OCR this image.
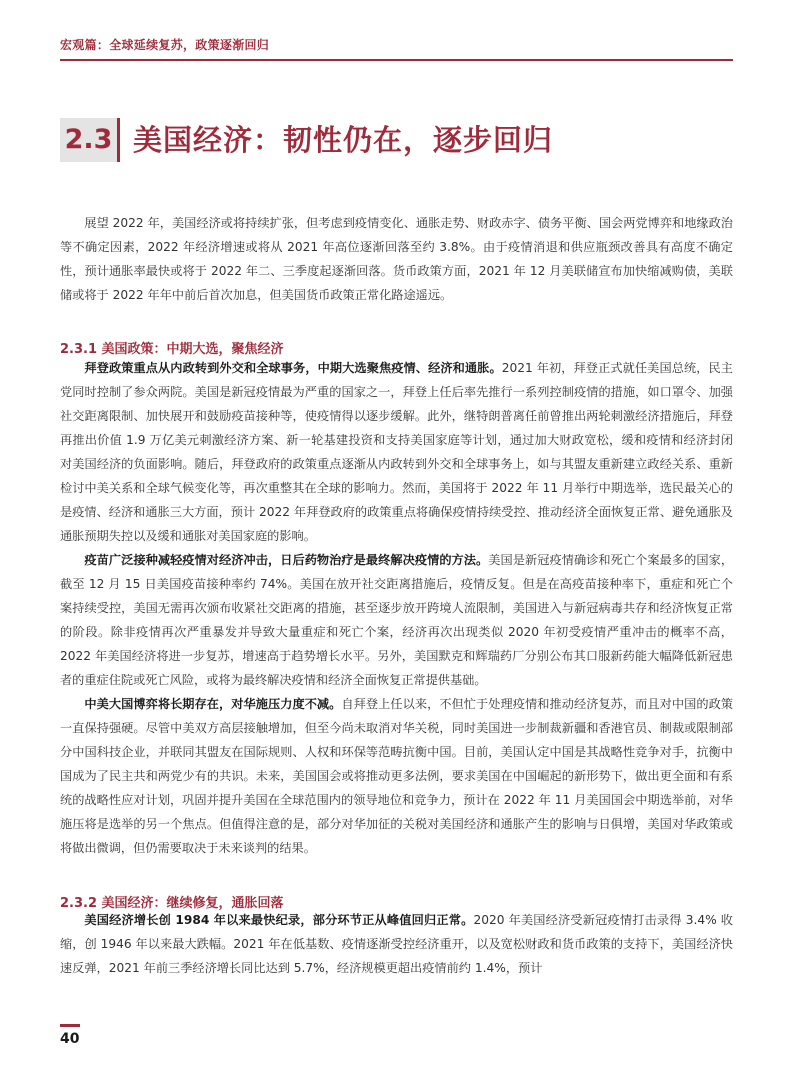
宏观篇：全球延续复苏，政策逐渐回归
2.3 美国经济：韧性仍在，逐步回归

展望 2022 年，美国经济或将持续扩张，但考虑到疫情变化、通胀走势、财政赤字、债务平衡、国会两党博弈和地缘政治等不确定因素，2022 年经济增速或将从 2021 年高位逐渐回落至约 3.8%。由于疫情消退和供应瓶颈改善具有高度不确定性，预计通胀率最快或将于 2022 年二、三季度起逐渐回落。货币政策方面，2021 年 12 月美联储宣布加快缩减购债，美联储或将于 2022 年年中前后首次加息，但美国货币政策正常化路途遥远。

2.3.1 美国政策：中期大选，聚焦经济

拜登政策重点从内政转到外交和全球事务，中期大选聚焦疫情、经济和通胀。2021 年初，拜登正式就任美国总统，民主党同时控制了参众两院。美国是新冠疫情最为严重的国家之一，拜登上任后率先推行一系列控制疫情的措施，如口罩令、加强社交距离限制、加快展开和鼓励疫苗接种等，使疫情得以逐步缓解。此外，继特朗普离任前曾推出两轮刺激经济措施后，拜登再推出价值 1.9 万亿美元刺激经济方案、新一轮基建投资和支持美国家庭等计划，通过加大财政宽松，缓和疫情和经济封闭对美国经济的负面影响。随后，拜登政府的政策重点逐渐从内政转到外交和全球事务上，如与其盟友重新建立政经关系、重新检讨中美关系和全球气候变化等，再次重整其在全球的影响力。然而，美国将于 2022 年 11 月举行中期选举，选民最关心的是疫情、经济和通胀三大方面，预计 2022 年拜登政府的政策重点将确保疫情持续受控、推动经济全面恢复正常、避免通胀及通胀预期失控以及缓和通胀对美国家庭的影响。

疫苗广泛接种减轻疫情对经济冲击，日后药物治疗是最终解决疫情的方法。美国是新冠疫情确诊和死亡个案最多的国家，截至 12 月 15 日美国疫苗接种率约 74%。美国在放开社交距离措施后，疫情反复。但是在高疫苗接种率下，重症和死亡个案持续受控，美国无需再次颁布收紧社交距离的措施，甚至逐步放开跨境人流限制，美国进入与新冠病毒共存和经济恢复正常的阶段。除非疫情再次严重暴发并导致大量重症和死亡个案，经济再次出现类似 2020 年初受疫情严重冲击的概率不高，2022 年美国经济将进一步复苏，增速高于趋势增长水平。另外，美国默克和辉瑞药厂分别公布其口服新药能大幅降低新冠患者的重症住院或死亡风险，或将为最终解决疫情和经济全面恢复正常提供基础。

中美大国博弈将长期存在，对华施压力度不减。自拜登上任以来，不但忙于处理疫情和推动经济复苏，而且对中国的政策一直保持强硬。尽管中美双方高层接触增加，但至今尚未取消对华关税，同时美国进一步制裁新疆和香港官员、制裁或限制部分中国科技企业，并联同其盟友在国际规则、人权和环保等范畴抗衡中国。目前，美国认定中国是其战略性竞争对手，抗衡中国成为了民主共和两党少有的共识。未来，美国国会或将推动更多法例，要求美国在中国崛起的新形势下，做出更全面和有系统的战略性应对计划，巩固并提升美国在全球范围内的领导地位和竞争力，预计在 2022 年 11 月美国国会中期选举前，对华施压将是选举的另一个焦点。但值得注意的是，部分对华加征的关税对美国经济和通胀产生的影响与日俱增，美国对华政策或将做出微调，但仍需要取决于未来谈判的结果。

2.3.2 美国经济：继续修复，通胀回落

美国经济增长创 1984 年以来最快纪录，部分环节正从峰值回归正常。2020 年美国经济受新冠疫情打击录得 3.4% 收缩，创 1946 年以来最大跌幅。2021 年在低基数、疫情逐渐受控经济重开，以及宽松财政和货币政策的支持下，美国经济快速反弹，2021 年前三季经济增长同比达到 5.7%，经济规模更超出疫情前约 1.4%，预计

40
